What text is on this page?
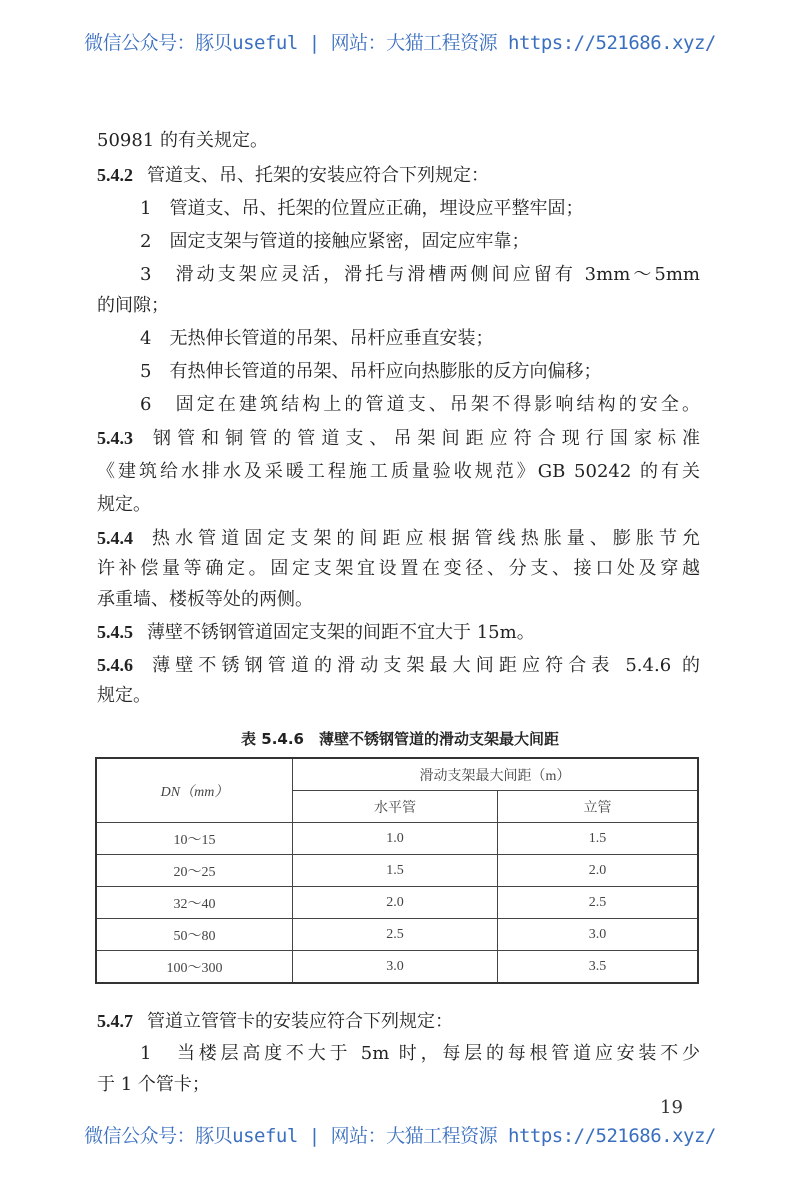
微信公众号：豚贝useful | 网站：大猫工程资源 https://521686.xyz/
50981 的有关规定。
5.4.2 管道支、吊、托架的安装应符合下列规定：
1　管道支、吊、托架的位置应正确，埋设应平整牢固；
2　固定支架与管道的接触应紧密，固定应牢靠；
3　滑动支架应灵活，滑托与滑槽两侧间应留有 3mm～5mm
的间隙；
4　无热伸长管道的吊架、吊杆应垂直安装；
5　有热伸长管道的吊架、吊杆应向热膨胀的反方向偏移；
6　固定在建筑结构上的管道支、吊架不得影响结构的安全。
5.4.3 钢管和铜管的管道支、吊架间距应符合现行国家标准
《建筑给水排水及采暖工程施工质量验收规范》GB 50242 的有关
规定。
5.4.4 热水管道固定支架的间距应根据管线热胀量、膨胀节允
许补偿量等确定。固定支架宜设置在变径、分支、接口处及穿越
承重墙、楼板等处的两侧。
5.4.5 薄壁不锈钢管道固定支架的间距不宜大于 15m。
5.4.6 薄壁不锈钢管道的滑动支架最大间距应符合表 5.4.6 的
规定。
表 5.4.6　薄壁不锈钢管道的滑动支架最大间距
DN（mm）	滑动支架最大间距（m）	
	水平管	立管
10～15	1.0	1.5
20～25	1.5	2.0
32～40	2.0	2.5
50～80	2.5	3.0
100～300	3.0	3.5
5.4.7 管道立管管卡的安装应符合下列规定：
1　当楼层高度不大于 5m 时，每层的每根管道应安装不少
于 1 个管卡；
19
微信公众号：豚贝useful | 网站：大猫工程资源 https://521686.xyz/
